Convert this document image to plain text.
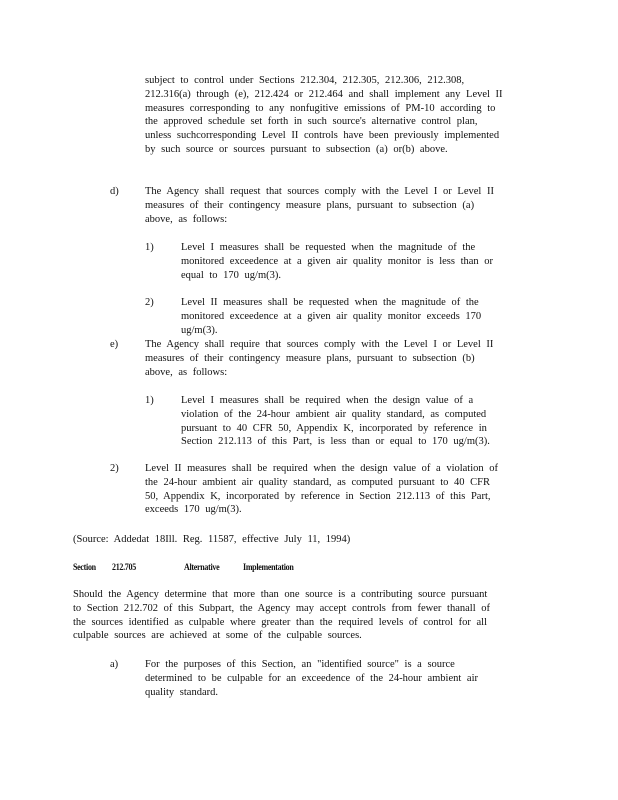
subject to control under Sections 212.304, 212.305, 212.306, 212.308, 212.316(a) through (e), 212.424 or 212.464 and shall implement any Level II measures corresponding to any nonfugitive emissions of PM-10 according to the approved schedule set forth in such source's alternative control plan, unless suchcorresponding Level II controls have been previously implemented by such source or sources pursuant to subsection (a) or(b) above.

d)	The Agency shall request that sources comply with the Level I or Level II measures of their contingency measure plans, pursuant to subsection (a) above, as follows:

1)	Level I measures shall be requested when the magnitude of the monitored exceedence at a given air quality monitor is less than or equal to 170 ug/m(3).

2)	Level II measures shall be requested when the magnitude of the monitored exceedence at a given air quality monitor exceeds 170 ug/m(3).

e)	The Agency shall require that sources comply with the Level I or Level II measures of their contingency measure plans, pursuant to subsection (b) above, as follows:

1)	Level I measures shall be required when the design value of a violation of the 24-hour ambient air quality standard, as computed pursuant to 40 CFR 50, Appendix K, incorporated by reference in Section 212.113 of this Part, is less than or equal to 170 ug/m(3).

2)	Level II measures shall be required when the design value of a violation of the 24-hour ambient air quality standard, as computed pursuant to 40 CFR 50, Appendix K, incorporated by reference in Section 212.113 of this Part, exceeds 170 ug/m(3).

(Source: Addedat 18Ill. Reg. 11587, effective July 11, 1994)

Section 212.705	Alternative	Implementation

Should the Agency determine that more than one source is a contributing source pursuant to Section 212.702 of this Subpart, the Agency may accept controls from fewer thanall of the sources identified as culpable where greater than the required levels of control for all culpable sources are achieved at some of the culpable sources.

a)	For the purposes of this Section, an "identified source" is a source determined to be culpable for an exceedence of the 24-hour ambient air quality standard.
